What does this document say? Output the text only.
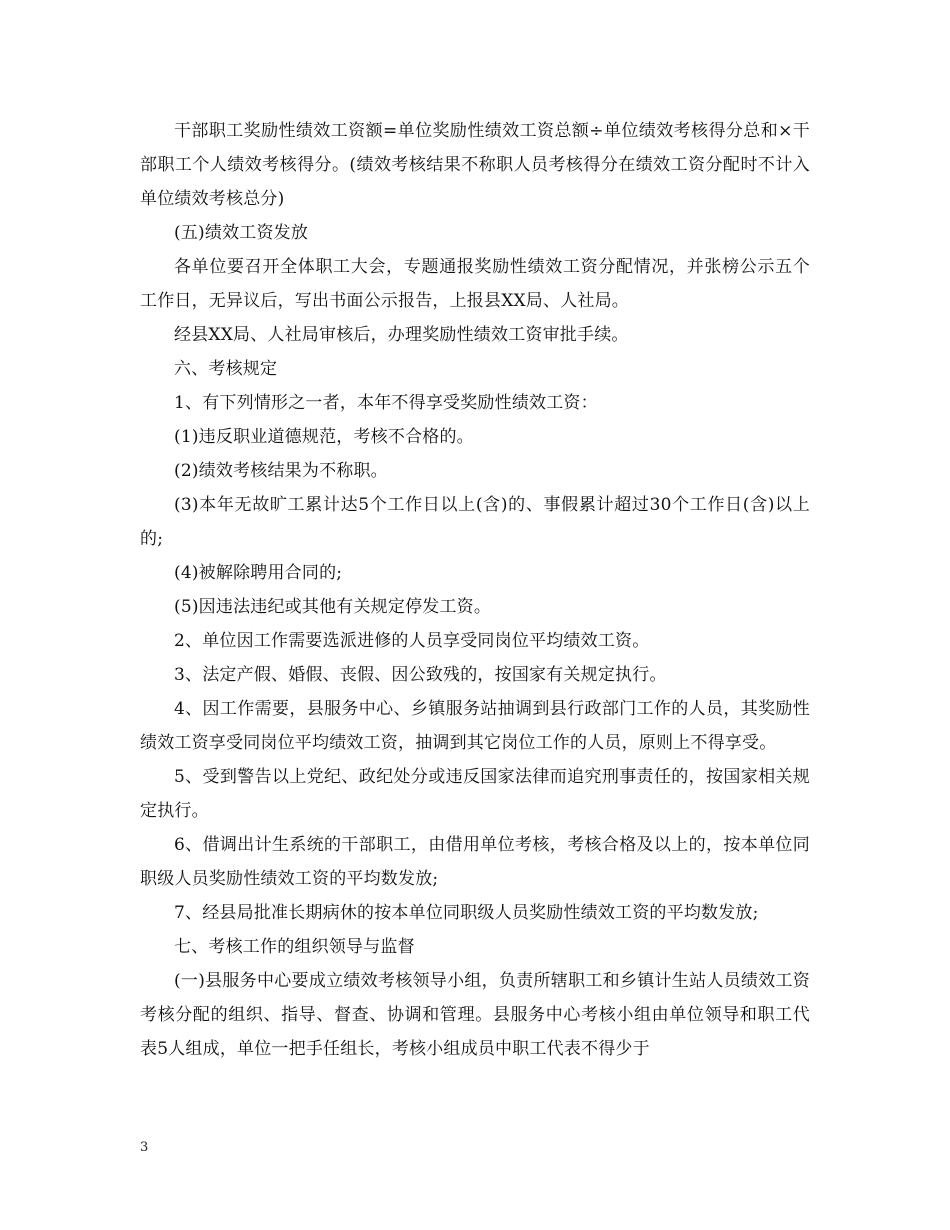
干部职工奖励性绩效工资额=单位奖励性绩效工资总额÷单位绩效考核得分总和×干部职工个人绩效考核得分。(绩效考核结果不称职人员考核得分在绩效工资分配时不计入单位绩效考核总分)

(五)绩效工资发放

各单位要召开全体职工大会，专题通报奖励性绩效工资分配情况，并张榜公示五个工作日，无异议后，写出书面公示报告，上报县XX局、人社局。

经县XX局、人社局审核后，办理奖励性绩效工资审批手续。

六、考核规定

1、有下列情形之一者，本年不得享受奖励性绩效工资：

(1)违反职业道德规范，考核不合格的。

(2)绩效考核结果为不称职。

(3)本年无故旷工累计达5个工作日以上(含)的、事假累计超过30个工作日(含)以上的;

(4)被解除聘用合同的;

(5)因违法违纪或其他有关规定停发工资。

2、单位因工作需要选派进修的人员享受同岗位平均绩效工资。

3、法定产假、婚假、丧假、因公致残的，按国家有关规定执行。

4、因工作需要，县服务中心、乡镇服务站抽调到县行政部门工作的人员，其奖励性绩效工资享受同岗位平均绩效工资，抽调到其它岗位工作的人员，原则上不得享受。

5、受到警告以上党纪、政纪处分或违反国家法律而追究刑事责任的，按国家相关规定执行。

6、借调出计生系统的干部职工，由借用单位考核，考核合格及以上的，按本单位同职级人员奖励性绩效工资的平均数发放;

7、经县局批准长期病休的按本单位同职级人员奖励性绩效工资的平均数发放;

七、考核工作的组织领导与监督

(一)县服务中心要成立绩效考核领导小组，负责所辖职工和乡镇计生站人员绩效工资考核分配的组织、指导、督查、协调和管理。县服务中心考核小组由单位领导和职工代表5人组成，单位一把手任组长，考核小组成员中职工代表不得少于

3
